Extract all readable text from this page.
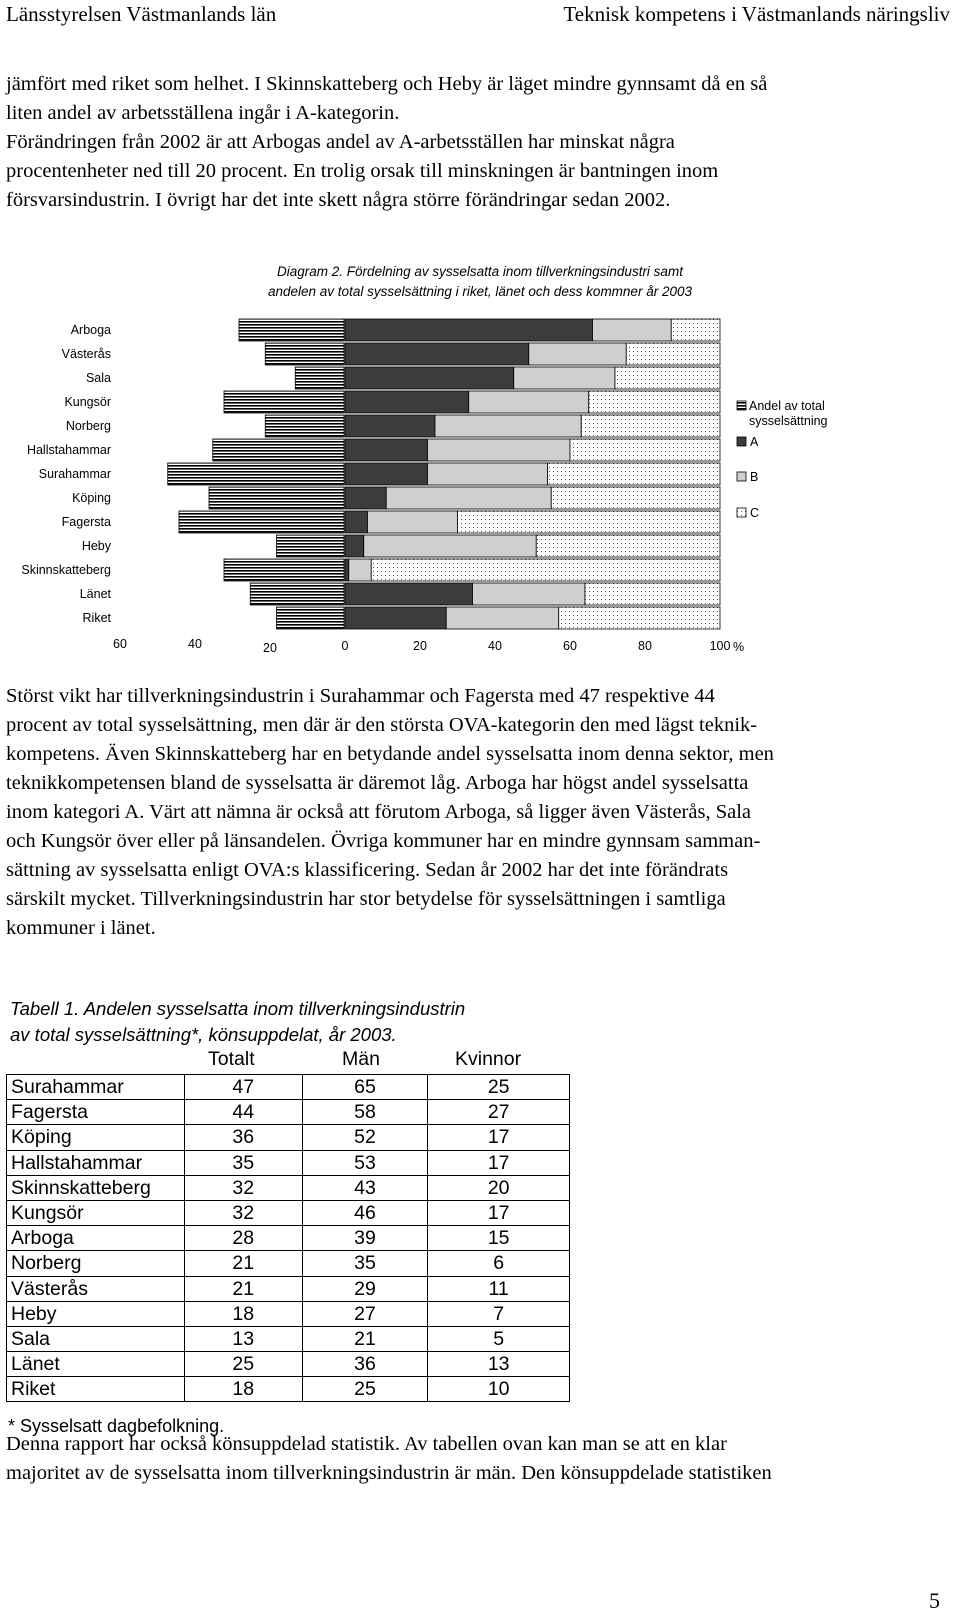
Länsstyrelsen Västmanlands län	Teknisk kompetens i Västmanlands näringsliv
jämfört med riket som helhet. I Skinnskatteberg och Heby är läget mindre gynnsamt då en så
liten andel av arbetsställena ingår i A-kategorin.
Förändringen från 2002 är att Arbogas andel av A-arbetsställen har minskat några
procentenheter ned till 20 procent. En trolig orsak till minskningen är bantningen inom
försvarsindustrin. I övrigt har det inte skett några större förändringar sedan 2002.
Diagram 2. Fördelning av sysselsatta inom tillverkningsindustri samt
andelen av total sysselsättning i riket, länet och dess kommner år 2003
Arboga
Västerås
Sala
Kungsör
Norberg
Hallstahammar
Surahammar
Köping
Fagersta
Heby
Skinnskatteberg
Länet
Riket
60	40	20	0	20	40	60	80	100 %
Andel av total
sysselsättning
A
B
C
Störst vikt har tillverkningsindustrin i Surahammar och Fagersta med 47 respektive 44
procent av total sysselsättning, men där är den största OVA-kategorin den med lägst teknik-
kompetens. Även Skinnskatteberg har en betydande andel sysselsatta inom denna sektor, men
teknikkompetensen bland de sysselsatta är däremot låg. Arboga har högst andel sysselsatta
inom kategori A. Värt att nämna är också att förutom Arboga, så ligger även Västerås, Sala
och Kungsör över eller på länsandelen. Övriga kommuner har en mindre gynnsam samman-
sättning av sysselsatta enligt OVA:s klassificering. Sedan år 2002 har det inte förändrats
särskilt mycket. Tillverkningsindustrin har stor betydelse för sysselsättningen i samtliga
kommuner i länet.
Tabell 1. Andelen sysselsatta inom tillverkningsindustrin
av total sysselsättning*, könsuppdelat, år 2003.
Totalt	Män	Kvinnor
Surahammar	47	65	25
Fagersta	44	58	27
Köping	36	52	17
Hallstahammar	35	53	17
Skinnskatteberg	32	43	20
Kungsör	32	46	17
Arboga	28	39	15
Norberg	21	35	6
Västerås	21	29	11
Heby	18	27	7
Sala	13	21	5
Länet	25	36	13
Riket	18	25	10
* Sysselsatt dagbefolkning.
Denna rapport har också könsuppdelad statistik. Av tabellen ovan kan man se att en klar
majoritet av de sysselsatta inom tillverkningsindustrin är män. Den könsuppdelade statistiken
5
